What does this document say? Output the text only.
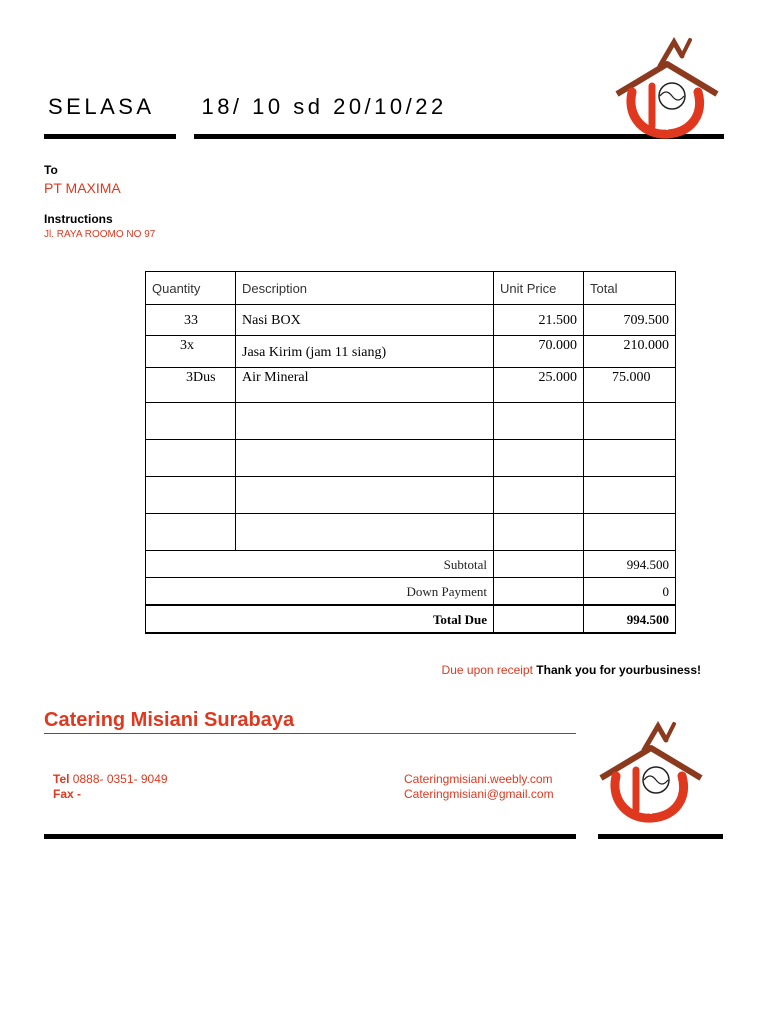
SELASA 18/ 10 sd 20/10/22
To
PT MAXIMA
Instructions
Jl. RAYA ROOMO NO 97
Quantity	Description	Unit Price	Total
33	Nasi BOX	21.500	709.500
3x	Jasa Kirim (jam 11 siang)	70.000	210.000
3Dus	Air Mineral	25.000	75.000

Subtotal			994.500
Down Payment			0
Total Due			994.500
Due upon receipt Thank you for yourbusiness!
Catering Misiani Surabaya
Tel 0888- 0351- 9049
Fax -
Cateringmisiani.weebly.com
Cateringmisiani@gmail.com
